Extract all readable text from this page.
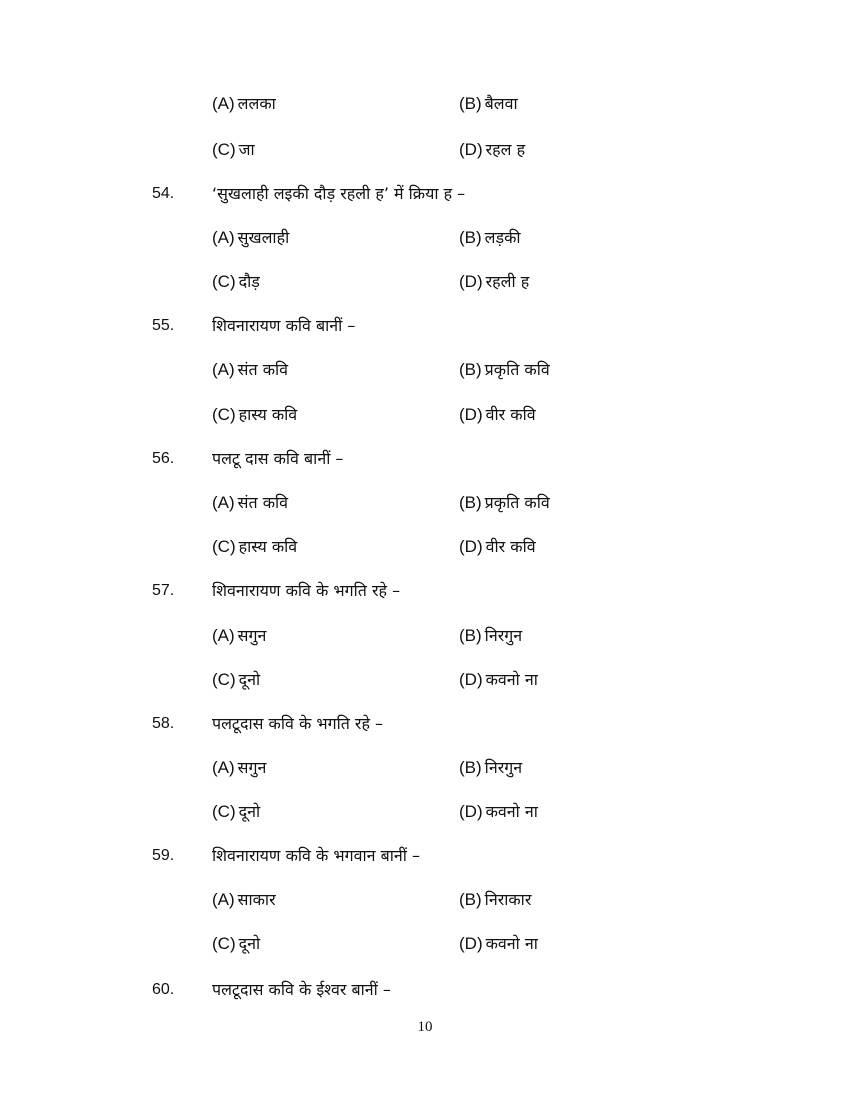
(A) ललका	(B) बैलवा
(C) जा	(D) रहल ह
54. ‘सुखलाही लइकी दौड़ रहली ह’ में क्रिया ह –
(A) सुखलाही	(B) लड़की
(C) दौड़	(D) रहली ह
55. शिवनारायण कवि बानीं –
(A) संत कवि	(B) प्रकृति कवि
(C) हास्य कवि	(D) वीर कवि
56. पलटू दास कवि बानीं –
(A) संत कवि	(B) प्रकृति कवि
(C) हास्य कवि	(D) वीर कवि
57. शिवनारायण कवि के भगति रहे –
(A) सगुन	(B) निरगुन
(C) दूनो	(D) कवनो ना
58. पलटूदास कवि के भगति रहे –
(A) सगुन	(B) निरगुन
(C) दूनो	(D) कवनो ना
59. शिवनारायण कवि के भगवान बानीं –
(A) साकार	(B) निराकार
(C) दूनो	(D) कवनो ना
60. पलटूदास कवि के ईश्वर बानीं –
10
